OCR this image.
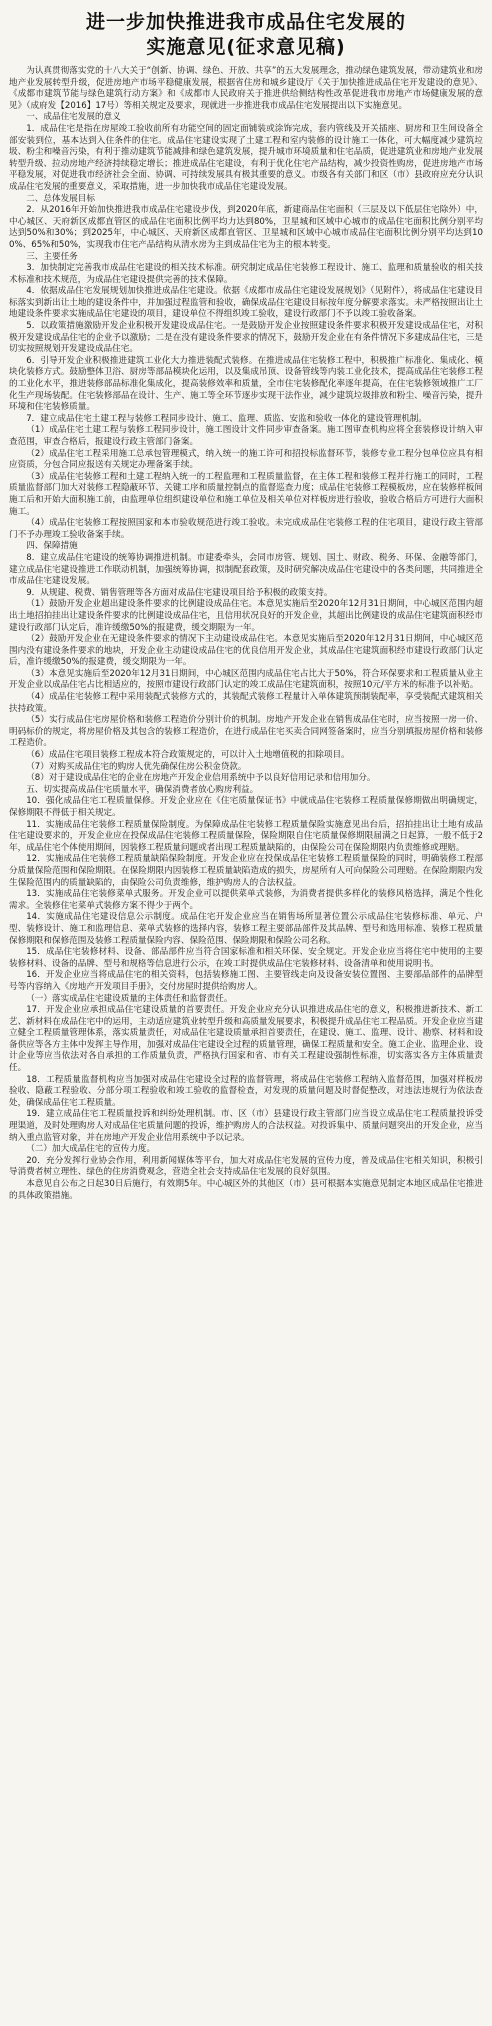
进一步加快推进我市成品住宅发展的
实施意见(征求意见稿)

为认真贯彻落实党的十八大关于“创新、协调、绿色、开放、共享”的五大发展理念，推动绿色建筑发展，带动建筑业和房地产业发展转型升级，促进房地产市场平稳健康发展，根据省住房和城乡建设厅《关于加快推进成品住宅开发建设的意见》、《成都市建筑节能与绿色建筑行动方案》和《成都市人民政府关于推进供给侧结构性改革促进我市房地产市场健康发展的意见》（成府发【2016】17号）等相关规定及要求，现就进一步推进我市成品住宅发展提出以下实施意见。

一、成品住宅发展的意义

1．成品住宅是指在房屋竣工验收前所有功能空间的固定面铺装或涂饰完成，套内管线及开关插座、厨房和卫生间设备全部安装到位，基本达到入住条件的住宅。成品住宅建设实现了土建工程和室内装修的设计施工一体化，可大幅度减少建筑垃圾、粉尘和噪音污染，有利于推动建筑节能减排和绿色建筑发展，提升城市环境质量和住宅品质，促进建筑业和房地产业发展转型升级、拉动房地产经济持续稳定增长；推进成品住宅建设，有利于优化住宅产品结构，减少投资性购房，促进房地产市场平稳发展，对促进我市经济社会全面、协调、可持续发展具有极其重要的意义。市级各有关部门和区（市）县政府应充分认识成品住宅发展的重要意义，采取措施，进一步加快我市成品住宅建设发展。

二、总体发展目标

2．从2016年开始加快推进我市成品住宅建设步伐，到2020年底，新建商品住宅面积（三层及以下低层住宅除外）中，中心城区、天府新区成都直管区的成品住宅面积比例平均力达到80%，卫星城和区域中心城市的成品住宅面积比例分别平均达到50%和30%；到2025年，中心城区、天府新区成都直管区、卫星城和区域中心城市成品住宅面积比例分别平均达到100%、65%和50%，实现我市住宅产品结构从清水房为主到成品住宅为主的根本转变。

三、主要任务

3．加快制定完善我市成品住宅建设的相关技术标准。研究制定成品住宅装修工程设计、施工、监理和质量验收的相关技术标准和技术规范，为成品住宅建设提供完善的技术保障。

4．依据成品住宅发展规划加快推进成品住宅建设。依据《成都市成品住宅建设发展规划》（见附件），将成品住宅建设目标落实到新出让土地的建设条件中，并加强过程监管和验收，确保成品住宅建设目标按年度分解要求落实。未严格按照出让土地建设条件要求实施成品住宅建设的项目，建设单位不得组织竣工验收，建设行政部门不予以竣工验收备案。

5．以政策措施激励开发企业积极开发建设成品住宅。一是鼓励开发企业按照建设条件要求积极开发建设成品住宅，对积极开发建设成品住宅的企业予以激励；二是在没有建设条件要求的情况下，鼓励开发企业在有条件情况下多建成品住宅，三是切实按照规划开发建设成品住宅。

6．引导开发企业积极推进建筑工业化大力推进装配式装修。在推进成品住宅装修工程中，积极推广标准化、集成化、模块化装修方式。鼓励整体卫浴、厨房等部品模块化运用，以及集成吊顶、设备管线等内装工业化技术，提高成品住宅装修工程的工业化水平，推进装修部品标准化集成化，提高装修效率和质量，全市住宅装修配化率逐年提高，在住宅装修领域推广工厂化生产现场装配。住宅装修部品在设计、生产、施工等全环节逐步实现干法作业，减少建筑垃圾排放和粉尘、噪音污染，提升环境和住宅装修质量。

7．建立成品住宅土建工程与装修工程同步设计、施工、监理、质监、安监和验收一体化的建设管理机制。

（1）成品住宅土建工程与装修工程同步设计，施工图设计文件同步审查备案。施工图审查机构应将全套装修设计纳入审查范围，审查合格后，报建设行政主管部门备案。

（2）成品住宅工程采用施工总承包管理模式，纳入统一的施工许可和招投标监督环节，装修专业工程分包单位应具有相应资质，分包合同应报送有关规定办理备案手续。

（3）成品住宅装修工程和土建工程纳入统一的工程监理和工程质量监督，在主体工程和装修工程并行施工的同时，工程质量监督部门加大对装修工程隐蔽环节、关键工序和质量控制点的监督巡查力度；成品住宅装修工程模板房，应在装修样板间施工后和开始大面积施工前，由监理单位组织建设单位和施工单位及相关单位对样板房进行验收，验收合格后方可进行大面积施工。

（4）成品住宅装修工程按照国家和本市验收规范进行竣工验收。未完成成品住宅装修工程的住宅项目，建设行政主管部门不予办理竣工验收备案手续。

四、保障措施

8．建立成品住宅建设的统筹协调推进机制。市建委牵头，会同市房管、规划、国土、财政、税务、环保、金融等部门，建立成品住宅建设推进工作联动机制，加强统筹协调，拟制配套政策，及时研究解决成品住宅建设中的各类问题，共同推进全市成品住宅建设发展。

9．从规建、税费、销售管理等各方面对成品住宅建设项目给予积极的政策支持。

（1）鼓励开发企业超出建设条件要求的比例建设成品住宅。本意见实施后至2020年12月31日期间，中心城区范围内超出土地招拍挂出让建设条件要求的比例建设成品住宅，且信用状况良好的开发企业，其超出比例建设的成品住宅建筑面积经市建设行政部门认定后，准许缓缴50%的报建费，缓交期限为一年。

（2）鼓励开发企业在无建设条件要求的情况下主动建设成品住宅。本意见实施后至2020年12月31日期间，中心城区范围内没有建设条件要求的地块，开发企业主动建设成品住宅的优良信用开发企业，其成品住宅建筑面积经市建设行政部门认定后，准许缓缴50%的报建费，缓交期限为一年。

（3）本意见实施后至2020年12月31日期间，中心城区范围内成品住宅占比大于50%，符合环保要求和工程质量从业主开发企业以成品住宅占比相适应的，按照市建设行政部门认定的竣工成品住宅建筑面积，按照10元/平方米的标准予以补贴。

（4）成品住宅装修工程中采用装配式装修方式的，其装配式装修工程量计入单体建筑预制装配率，享受装配式建筑相关扶持政策。

（5）实行成品住宅房屋价格和装修工程造价分别计价的机制。房地产开发企业在销售成品住宅时，应当按照一房一价、明码标价的规定，将房屋价格及其包含的装修工程造价，在进行成品住宅买卖合同网签备案时，应当分别填报房屋价格和装修工程造价。

（6）成品住宅项目装修工程成本符合政策规定的，可以计入土地增值税的扣除项目。

（7）对购买成品住宅的购房人优先确保住房公积金贷款。

（8）对于建设成品住宅的企业在房地产开发企业信用系统中予以良好信用记录和信用加分。

五、切实提高成品住宅质量水平，确保消费者放心购房利益。

10．强化成品住宅工程质量保修。开发企业应在《住宅质量保证书》中就成品住宅装修工程质量保修期做出明确规定，保修期限不得低于相关规定。

11．实施成品住宅装修工程质量保险制度。为保障成品住宅装修工程质量保险实施意见出台后，招拍挂出让土地有成品住宅建设要求的，开发企业应在投保成品住宅装修工程质量保险，保险期限自住宅质量保修期限届满之日起算，一般不低于2年，成品住宅个体使用期间，因装修工程质量问题或者出现工程质量缺陷的，由保险公司在保险期限内负责维修或理赔。

12．实施成品住宅装修工程质量缺陷保险制度。开发企业应在投保成品住宅装修工程质量保险的同时，明确装修工程部分质量保险范围和保险期限。在保险期限内因装修工程质量缺陷造成的损失，房屋所有人可向保险公司理赔。在保险期限内发生保险范围内的质量缺陷的，由保险公司负责维修，维护购房人的合法权益。

13．实施成品住宅装修菜单式服务。开发企业可以提供菜单式装修，为消费者提供多样化的装修风格选择，满足个性化需求。全装修住宅菜单式装修方案不得少于两个。

14．实施成品住宅建设信息公示制度。成品住宅开发企业应当在销售场所显著位置公示成品住宅装修标准、单元、户型、装修设计、施工和监理信息、菜单式装修的选择内容，装修工程主要部品部件及其品牌、型号和选用标准、装修工程质量保修期限和保修范围及装修工程质量保险内容、保险范围、保险期限和保险公司名称。

15．成品住宅装修材料、设备、部品部件应当符合国家标准和相关环保、安全规定。开发企业应当将住宅中使用的主要装修材料、设备的品牌、型号和规格等信息进行公示，在竣工时提供成品住宅装修材料、设备清单和使用说明书。

16．开发企业应当将成品住宅的相关资料，包括装修施工图、主要管线走向及设备安装位置图、主要部品部件的品牌型号等内容纳入《房地产开发项目手册》，交付房屋时提供给购房人。

（一）落实成品住宅建设质量的主体责任和监督责任。

17．开发企业应承担成品住宅建设质量的首要责任。开发企业应充分认识推进成品住宅的意义，积极推进新技术、新工艺、新材料在成品住宅中的运用，主动适应建筑业转型升级和高质量发展要求，积极提升成品住宅工程品质。开发企业应当建立健全工程质量管理体系，落实质量责任，对成品住宅建设质量承担首要责任，在建设、施工、监理、设计、勘察、材料和设备供应等各方主体中发挥主导作用，加强对成品住宅建设全过程的质量管理，确保工程质量和安全。施工企业、监理企业、设计企业等应当依法对各自承担的工作质量负责，严格执行国家和省、市有关工程建设强制性标准，切实落实各方主体质量责任。

18．工程质量监督机构应当加强对成品住宅建设全过程的监督管理，将成品住宅装修工程纳入监督范围，加强对样板房验收、隐蔽工程验收、分部分项工程验收和竣工验收的监督检查，对发现的质量问题及时督促整改，对违法违规行为依法查处，确保成品住宅工程质量。

19．建立成品住宅工程质量投诉和纠纷处理机制。市、区（市）县建设行政主管部门应当设立成品住宅工程质量投诉受理渠道，及时处理购房人对成品住宅质量问题的投诉，维护购房人的合法权益。对投诉集中、质量问题突出的开发企业，应当纳入重点监管对象，并在房地产开发企业信用系统中予以记录。

（二）加大成品住宅的宣传力度。

20．充分发挥行业协会作用，利用新闻媒体等平台，加大对成品住宅发展的宣传力度，普及成品住宅相关知识，积极引导消费者树立理性、绿色的住房消费观念，营造全社会支持成品住宅发展的良好氛围。

本意见自公布之日起30日后施行，有效期5年。中心城区外的其他区（市）县可根据本实施意见制定本地区成品住宅推进的具体政策措施。
